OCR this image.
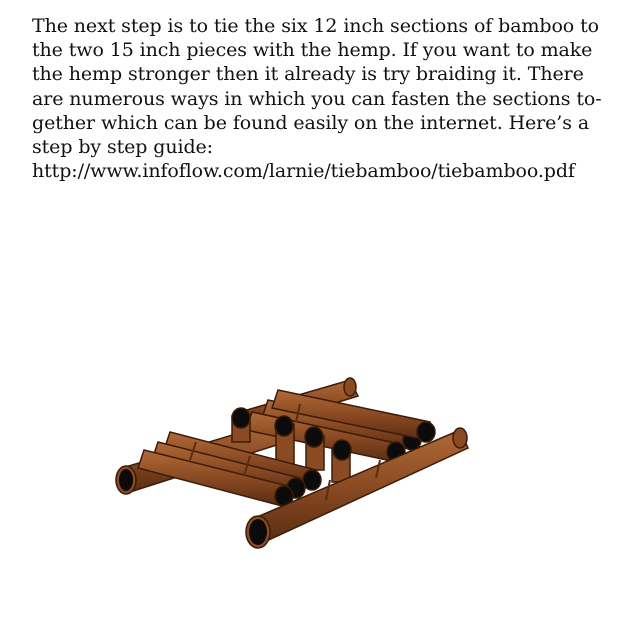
The next step is to tie the six 12 inch sections of bamboo to
the two 15 inch pieces with the hemp. If you want to make
the hemp stronger then it already is try braiding it. There
are numerous ways in which you can fasten the sections to-
gether which can be found easily on the internet. Here’s a
step by step guide:
http://www.infoflow.com/larnie/tiebamboo/tiebamboo.pdf
